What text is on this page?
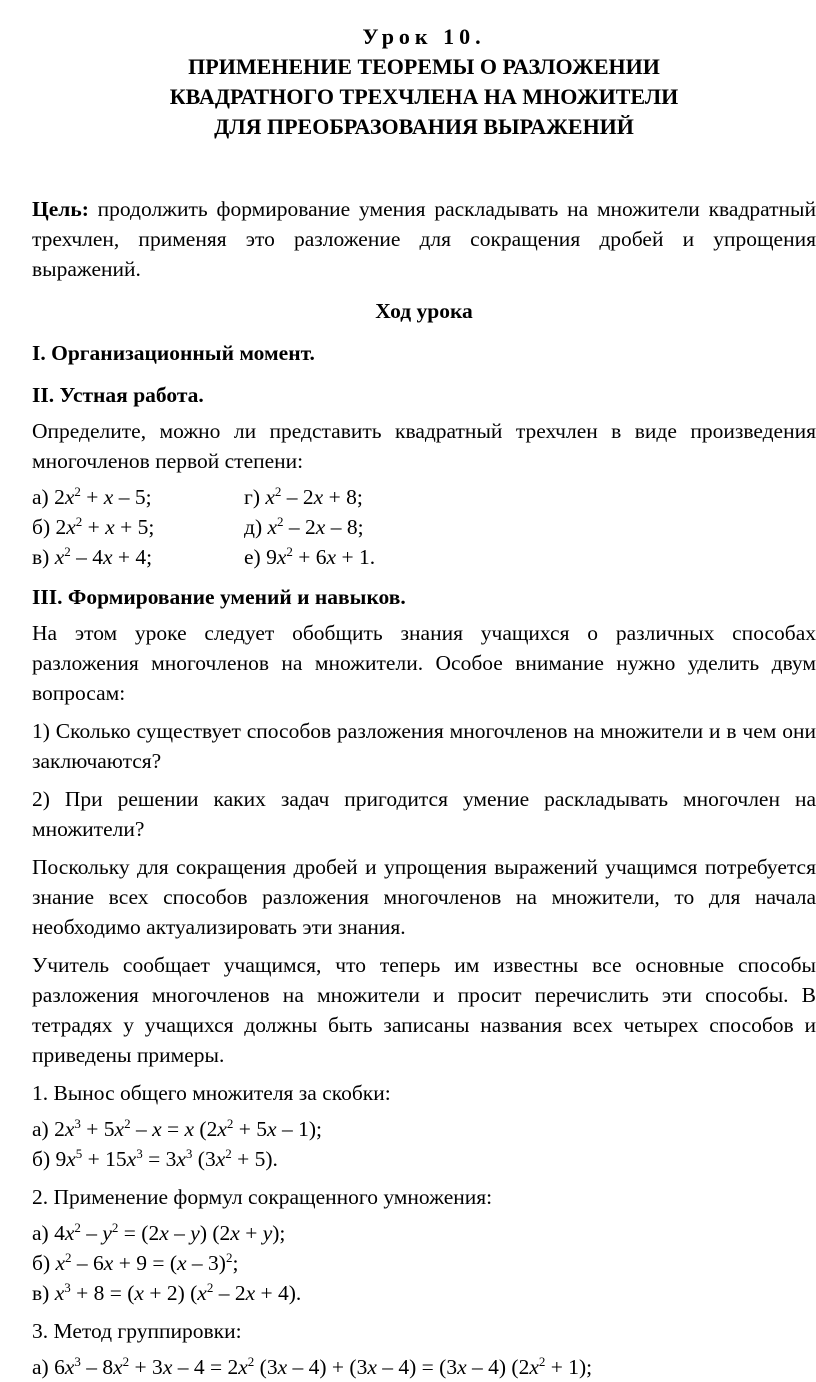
Урок 10.

ПРИМЕНЕНИЕ ТЕОРЕМЫ О РАЗЛОЖЕНИИ

КВАДРАТНОГО ТРЕХЧЛЕНА НА МНОЖИТЕЛИ

ДЛЯ ПРЕОБРАЗОВАНИЯ ВЫРАЖЕНИЙ

Цель: продолжить формирование умения раскладывать на множители квадратный трехчлен, применяя это разложение для сокращения дробей и упрощения выражений.

Ход урока

I. Организационный момент.

II. Устная работа.

Определите, можно ли представить квадратный трехчлен в виде произведения многочленов первой степени:

а) $2x^2 + x - 5$;	г) $x^2 - 2x + 8$;
б) $2x^2 + x + 5$;	д) $x^2 - 2x - 8$;
в) $x^2 - 4x + 4$;	е) $9x^2 + 6x + 1$.

III. Формирование умений и навыков.

На этом уроке следует обобщить знания учащихся о различных способах разложения многочленов на множители. Особое внимание нужно уделить двум вопросам:

1) Сколько существует способов разложения многочленов на множители и в чем они заключаются?

2) При решении каких задач пригодится умение раскладывать многочлен на множители?

Поскольку для сокращения дробей и упрощения выражений учащимся потребуется знание всех способов разложения многочленов на множители, то для начала необходимо актуализировать эти знания.

Учитель сообщает учащимся, что теперь им известны все основные способы разложения многочленов на множители и просит перечислить эти способы. В тетрадях у учащихся должны быть записаны названия всех четырех способов и приведены примеры.

1. Вынос общего множителя за скобки:

а) $2x^3 + 5x^2 - x = x$ $(2x^2 + 5x - 1)$;

б) $9x^5 + 15x^3 = 3x^3$ $(3x^2 + 5)$.

2. Применение формул сокращенного умножения:

а) $4x^2 - y^2 = (2x - y) (2x + y)$;

б) $x^2 - 6x + 9 = (x - 3)^2$;

в) $x^3 + 8 = (x + 2)$ $(x^2 - 2x + 4)$.

3. Метод группировки:

а) $6x^3 - 8x^2 + 3x - 4 = 2x^2$ (3x – 4) + (3x – 4) = (3x – 4) $(2x^2 + 1)$;
